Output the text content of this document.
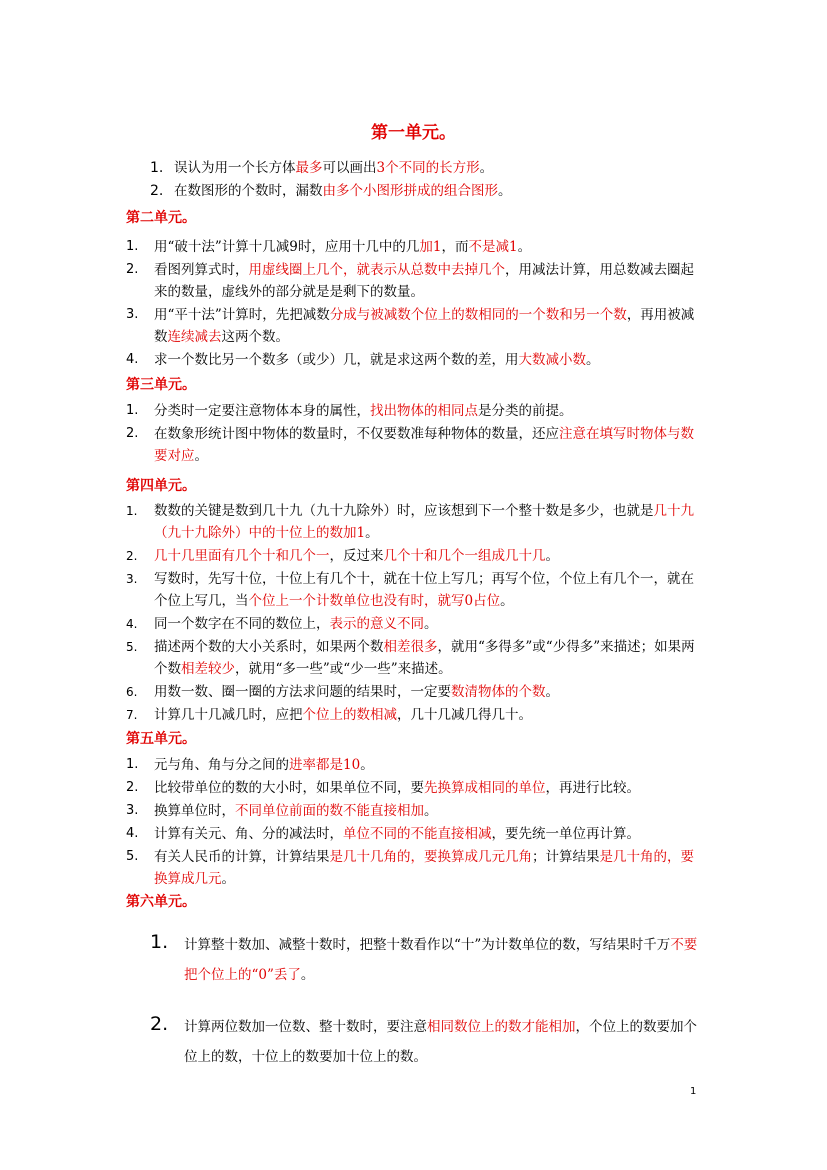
第一单元。
1. 误认为用一个长方体最多可以画出3个不同的长方形。
2. 在数图形的个数时，漏数由多个小图形拼成的组合图形。
第二单元。
1.	用“破十法”计算十几减9时，应用十几中的几加1，而不是减1。
2.	看图列算式时，用虚线圈上几个，就表示从总数中去掉几个，用减法计算，用总数减去圈起来的数量，虚线外的部分就是是剩下的数量。
3.	用“平十法”计算时，先把减数分成与被减数个位上的数相同的一个数和另一个数，再用被减数连续减去这两个数。
4.	求一个数比另一个数多（或少）几，就是求这两个数的差，用大数减小数。
第三单元。
1.	分类时一定要注意物体本身的属性，找出物体的相同点是分类的前提。
2.	在数象形统计图中物体的数量时，不仅要数准每种物体的数量，还应注意在填写时物体与数要对应。
第四单元。
1.	数数的关键是数到几十九（九十九除外）时，应该想到下一个整十数是多少，也就是几十九（九十九除外）中的十位上的数加1。
2.	几十几里面有几个十和几个一，反过来几个十和几个一组成几十几。
3.	写数时，先写十位，十位上有几个十，就在十位上写几；再写个位，个位上有几个一，就在个位上写几，当个位上一个计数单位也没有时，就写0占位。
4.	同一个数字在不同的数位上，表示的意义不同。
5.	描述两个数的大小关系时，如果两个数相差很多，就用“多得多”或“少得多”来描述；如果两个数相差较少，就用“多一些”或“少一些”来描述。
6.	用数一数、圈一圈的方法求问题的结果时，一定要数清物体的个数。
7.	计算几十几减几时，应把个位上的数相减，几十几减几得几十。
第五单元。
1.	元与角、角与分之间的进率都是10。
2.	比较带单位的数的大小时，如果单位不同，要先换算成相同的单位，再进行比较。
3.	换算单位时，不同单位前面的数不能直接相加。
4.	计算有关元、角、分的减法时，单位不同的不能直接相减，要先统一单位再计算。
5.	有关人民币的计算，计算结果是几十几角的，要换算成几元几角；计算结果是几十角的，要换算成几元。
第六单元。
1.	计算整十数加、减整十数时，把整十数看作以“十”为计数单位的数，写结果时千万不要把个位上的“0”丢了。
2.	计算两位数加一位数、整十数时，要注意相同数位上的数才能相加，个位上的数要加个位上的数，十位上的数要加十位上的数。
1
